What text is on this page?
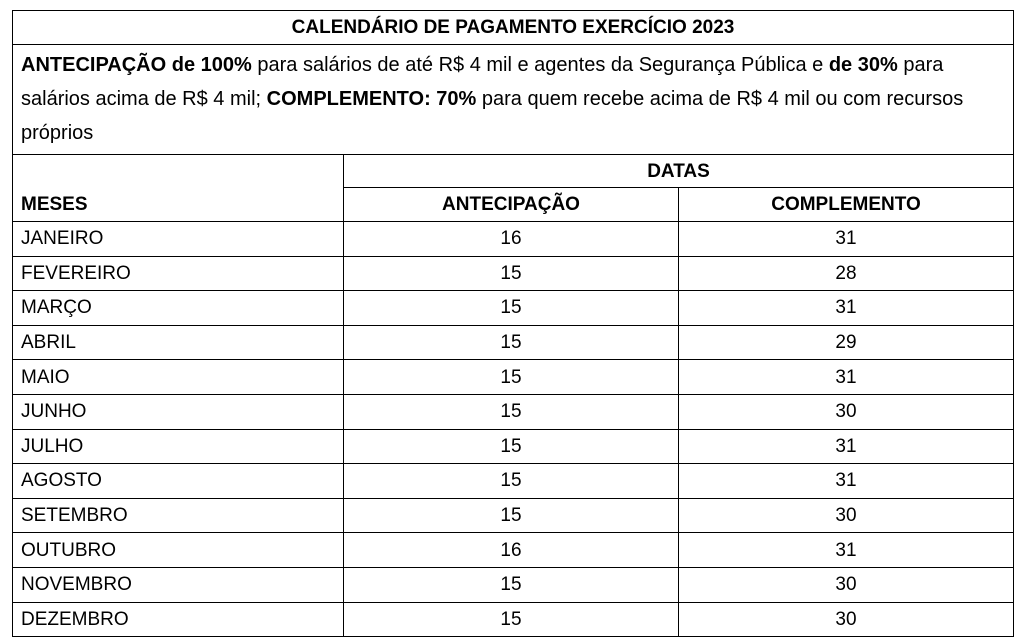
CALENDÁRIO DE PAGAMENTO EXERCÍCIO 2023		
ANTECIPAÇÃO de 100% para salários de até R$ 4 mil e agentes da Segurança Pública e de 30% para salários acima de R$ 4 mil; COMPLEMENTO: 70% para quem recebe acima de R$ 4 mil ou com recursos próprios		
MESES	DATAS	
	ANTECIPAÇÃO	COMPLEMENTO
JANEIRO	16	31
FEVEREIRO	15	28
MARÇO	15	31
ABRIL	15	29
MAIO	15	31
JUNHO	15	30
JULHO	15	31
AGOSTO	15	31
SETEMBRO	15	30
OUTUBRO	16	31
NOVEMBRO	15	30
DEZEMBRO	15	30
